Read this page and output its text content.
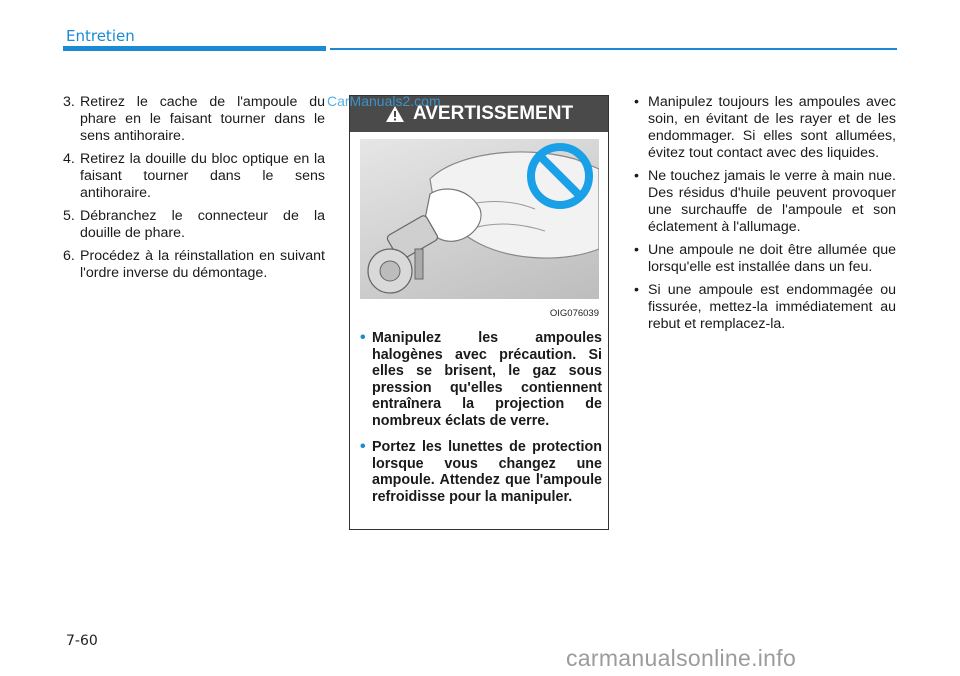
Entretien
3. Retirez le cache de l'ampoule du phare en le faisant tourner dans le sens antihoraire.
4. Retirez la douille du bloc optique en la faisant tourner dans le sens antihoraire.
5. Débranchez le connecteur de la douille de phare.
6. Procédez à la réinstallation en suivant l'ordre inverse du démontage.
AVERTISSEMENT
OIG076039
• Manipulez les ampoules halogènes avec précaution. Si elles se brisent, le gaz sous pression qu'elles contiennent entraînera la projection de nombreux éclats de verre.
• Portez les lunettes de protection lorsque vous changez une ampoule. Attendez que l'ampoule refroidisse pour la manipuler.
• Manipulez toujours les ampoules avec soin, en évitant de les rayer et de les endommager. Si elles sont allumées, évitez tout contact avec des liquides.
• Ne touchez jamais le verre à main nue. Des résidus d'huile peuvent provoquer une surchauffe de l'ampoule et son éclatement à l'allumage.
• Une ampoule ne doit être allumée que lorsqu'elle est installée dans un feu.
• Si une ampoule est endommagée ou fissurée, mettez-la immédiatement au rebut et remplacez-la.
7-60
CarManuals2.com
carmanualsonline.info
